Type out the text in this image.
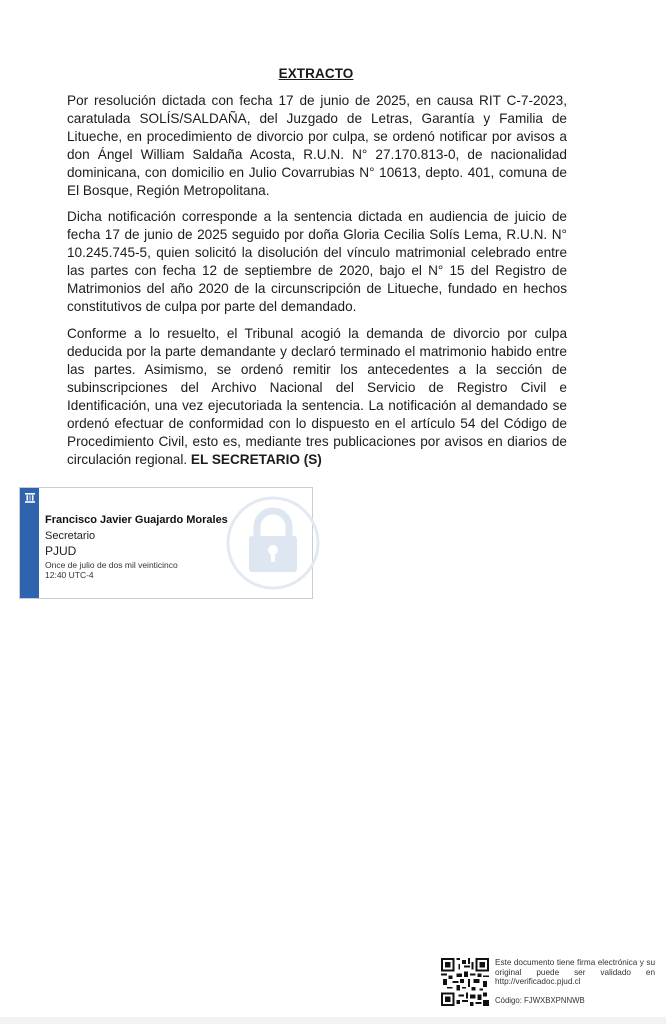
EXTRACTO

Por resolución dictada con fecha 17 de junio de 2025, en causa RIT C-7-2023, caratulada SOLÍS/SALDAÑA, del Juzgado de Letras, Garantía y Familia de Litueche, en procedimiento de divorcio por culpa, se ordenó notificar por avisos a don Ángel William Saldaña Acosta, R.U.N. N° 27.170.813-0, de nacionalidad dominicana, con domicilio en Julio Covarrubias N° 10613, depto. 401, comuna de El Bosque, Región Metropolitana.

Dicha notificación corresponde a la sentencia dictada en audiencia de juicio de fecha 17 de junio de 2025 seguido por doña Gloria Cecilia Solís Lema, R.U.N. N° 10.245.745-5, quien solicitó la disolución del vínculo matrimonial celebrado entre las partes con fecha 12 de septiembre de 2020, bajo el N° 15 del Registro de Matrimonios del año 2020 de la circunscripción de Litueche, fundado en hechos constitutivos de culpa por parte del demandado.

Conforme a lo resuelto, el Tribunal acogió la demanda de divorcio por culpa deducida por la parte demandante y declaró terminado el matrimonio habido entre las partes. Asimismo, se ordenó remitir los antecedentes a la sección de subinscripciones del Archivo Nacional del Servicio de Registro Civil e Identificación, una vez ejecutoriada la sentencia. La notificación al demandado se ordenó efectuar de conformidad con lo dispuesto en el artículo 54 del Código de Procedimiento Civil, esto es, mediante tres publicaciones por avisos en diarios de circulación regional. EL SECRETARIO (S)

Francisco Javier Guajardo Morales
Secretario
PJUD
Once de julio de dos mil veinticinco
12:40 UTC-4
Este documento tiene firma electrónica y su original puede ser validado en http://verificadoc.pjud.cl
Código: FJWXBXPNNWB
